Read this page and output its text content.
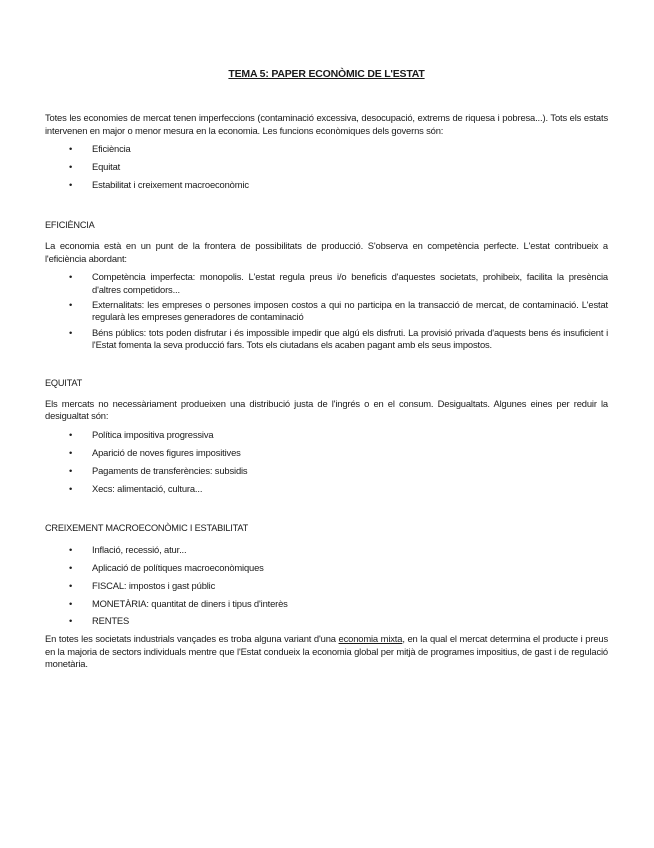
TEMA 5: PAPER ECONÒMIC DE L'ESTAT

Totes les economies de mercat tenen imperfeccions (contaminació excessiva, desocupació, extrems de riquesa i pobresa...). Tots els estats intervenen en major o menor mesura en la economia. Les funcions econòmiques dels governs són:

• Eficiència
• Equitat
• Estabilitat i creixement macroeconòmic
EFICIÈNCIA

La economia està en un punt de la frontera de possibilitats de producció. S'observa en competència perfecte. L'estat contribueix a l'eficiència abordant:

• Competència imperfecta: monopolis. L'estat regula preus i/o beneficis d'aquestes societats, prohibeix, facilita la presència d'altres competidors...
• Externalitats: les empreses o persones imposen costos a qui no participa en la transacció de mercat, de contaminació. L'estat regularà les empreses generadores de contaminació
• Béns públics: tots poden disfrutar i és impossible impedir que algú els disfruti. La provisió privada d'aquests bens és insuficient i l'Estat fomenta la seva producció fars. Tots els ciutadans els acaben pagant amb els seus impostos.
EQUITAT

Els mercats no necessàriament produeixen una distribució justa de l'ingrés o en el consum. Desigualtats. Algunes eines per reduir la desigualtat són:

• Política impositiva progressiva
• Aparició de noves figures impositives
• Pagaments de transferències: subsidis
• Xecs: alimentació, cultura...
CREIXEMENT MACROECONÒMIC I ESTABILITAT
• Inflació, recessió, atur...
• Aplicació de polítiques macroeconòmiques
• FISCAL: impostos i gast públic
• MONETÀRIA: quantitat de diners i tipus d'interès
• RENTES

En totes les societats industrials vançades es troba alguna variant d'una economia mixta, en la qual el mercat determina el producte i preus en la majoria de sectors individuals mentre que l'Estat condueix la economia global per mitjà de programes impositius, de gast i de regulació monetària.
